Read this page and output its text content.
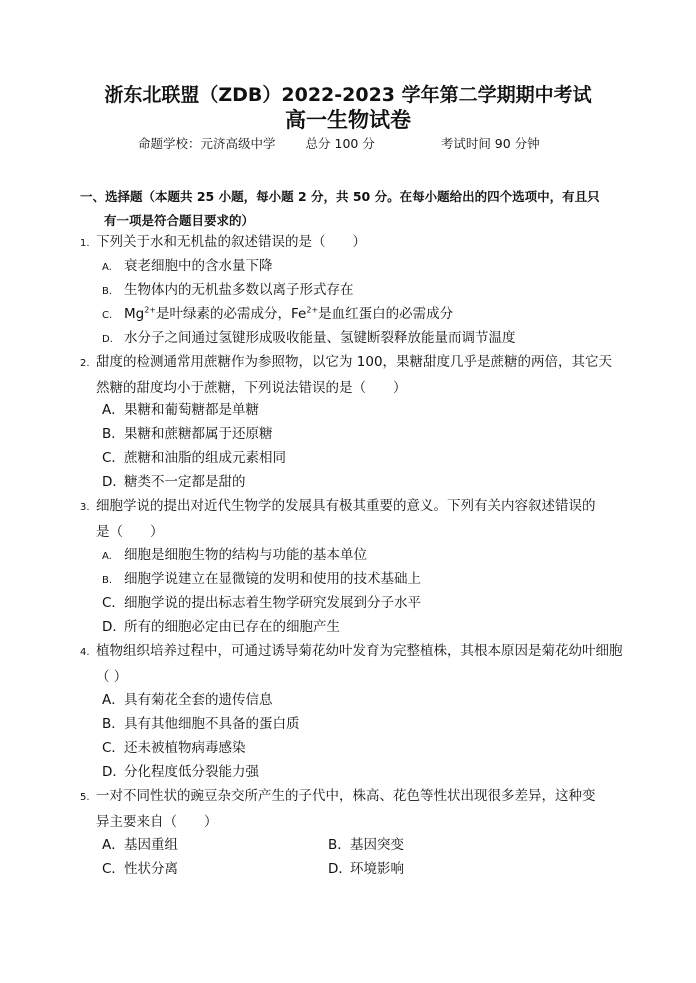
浙东北联盟（ZDB）2022-2023 学年第二学期期中考试
高一生物试卷
命题学校：元济高级中学 总分 100 分	考试时间 90 分钟
一、选择题（本题共 25 小题，每小题 2 分，共 50 分。在每小题给出的四个选项中，有且只
有一项是符合题目要求的）
1. 下列关于水和无机盐的叙述错误的是（　　）
A. 衰老细胞中的含水量下降
B. 生物体内的无机盐多数以离子形式存在
C. $Mg^{2+}$是叶绿素的必需成分，$Fe^{2+}$是血红蛋白的必需成分
D. 水分子之间通过氢键形成吸收能量、氢键断裂释放能量而调节温度
2. 甜度的检测通常用蔗糖作为参照物，以它为 100，果糖甜度几乎是蔗糖的两倍，其它天
然糖的甜度均小于蔗糖，下列说法错误的是（　　）
A．果糖和葡萄糖都是单糖
B．果糖和蔗糖都属于还原糖
C．蔗糖和油脂的组成元素相同
D．糖类不一定都是甜的
3. 细胞学说的提出对近代生物学的发展具有极其重要的意义。下列有关内容叙述错误的
是（　　）
A. 细胞是细胞生物的结构与功能的基本单位
B. 细胞学说建立在显微镜的发明和使用的技术基础上
C．细胞学说的提出标志着生物学研究发展到分子水平
D．所有的细胞必定由已存在的细胞产生
4. 植物组织培养过程中，可通过诱导菊花幼叶发育为完整植株，其根本原因是菊花幼叶细胞
（ ）
A．具有菊花全套的遗传信息
B．具有其他细胞不具备的蛋白质
C．还未被植物病毒感染
D．分化程度低分裂能力强
5. 一对不同性状的豌豆杂交所产生的子代中，株高、花色等性状出现很多差异，这种变
异主要来自（　　）
A．基因重组	B．基因突变
C．性状分离	D．环境影响
